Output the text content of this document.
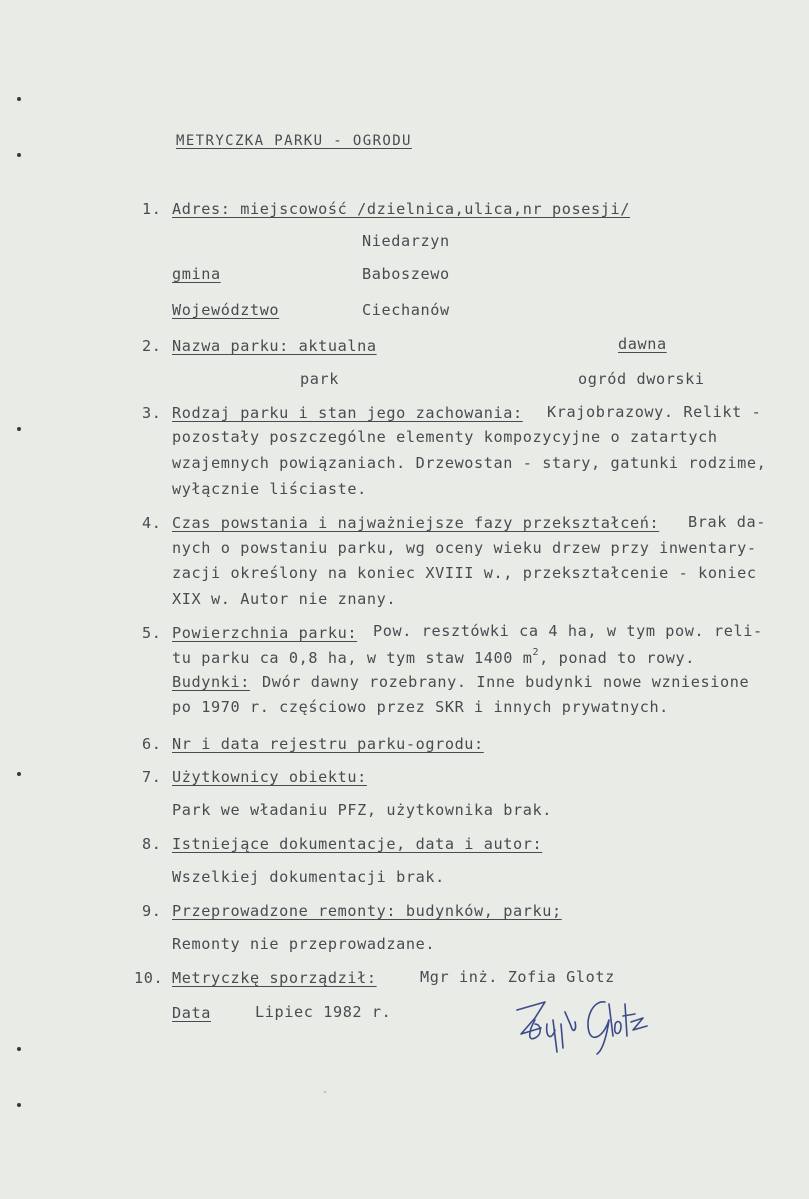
METRYCZKA PARKU - OGRODU
1. Adres: miejscowość /dzielnica,ulica,nr posesji/
Niedarzyn
gmina	Baboszewo
Województwo	Ciechanów
2. Nazwa parku: aktualna	dawna
park	ogród dworski
3. Rodzaj parku i stan jego zachowania: Krajobrazowy. Relikt -
pozostały poszczególne elementy kompozycyjne o zatartych
wzajemnych powiązaniach. Drzewostan - stary, gatunki rodzime,
wyłącznie liściaste.
4. Czas powstania i najważniejsze fazy przekształceń: Brak da-
nych o powstaniu parku, wg oceny wieku drzew przy inwentary-
zacji określony na koniec XVIII w., przekształcenie - koniec
XIX w. Autor nie znany.
5. Powierzchnia parku: Pow. resztówki ca 4 ha, w tym pow. reli-
tu parku ca 0,8 ha, w tym staw 1400 $m^2$, ponad to rowy.
Budynki: Dwór dawny rozebrany. Inne budynki nowe wzniesione
po 1970 r. częściowo przez SKR i innych prywatnych.
6. Nr i data rejestru parku-ogrodu:
7. Użytkownicy obiektu:
Park we władaniu PFZ, użytkownika brak.
8. Istniejące dokumentacje, data i autor:
Wszelkiej dokumentacji brak.
9. Przeprowadzone remonty: budynków, parku;
Remonty nie przeprowadzane.
10. Metryczkę sporządził:	Mgr inż. Zofia Glotz
Data	Lipiec 1982 r.
ˇ
